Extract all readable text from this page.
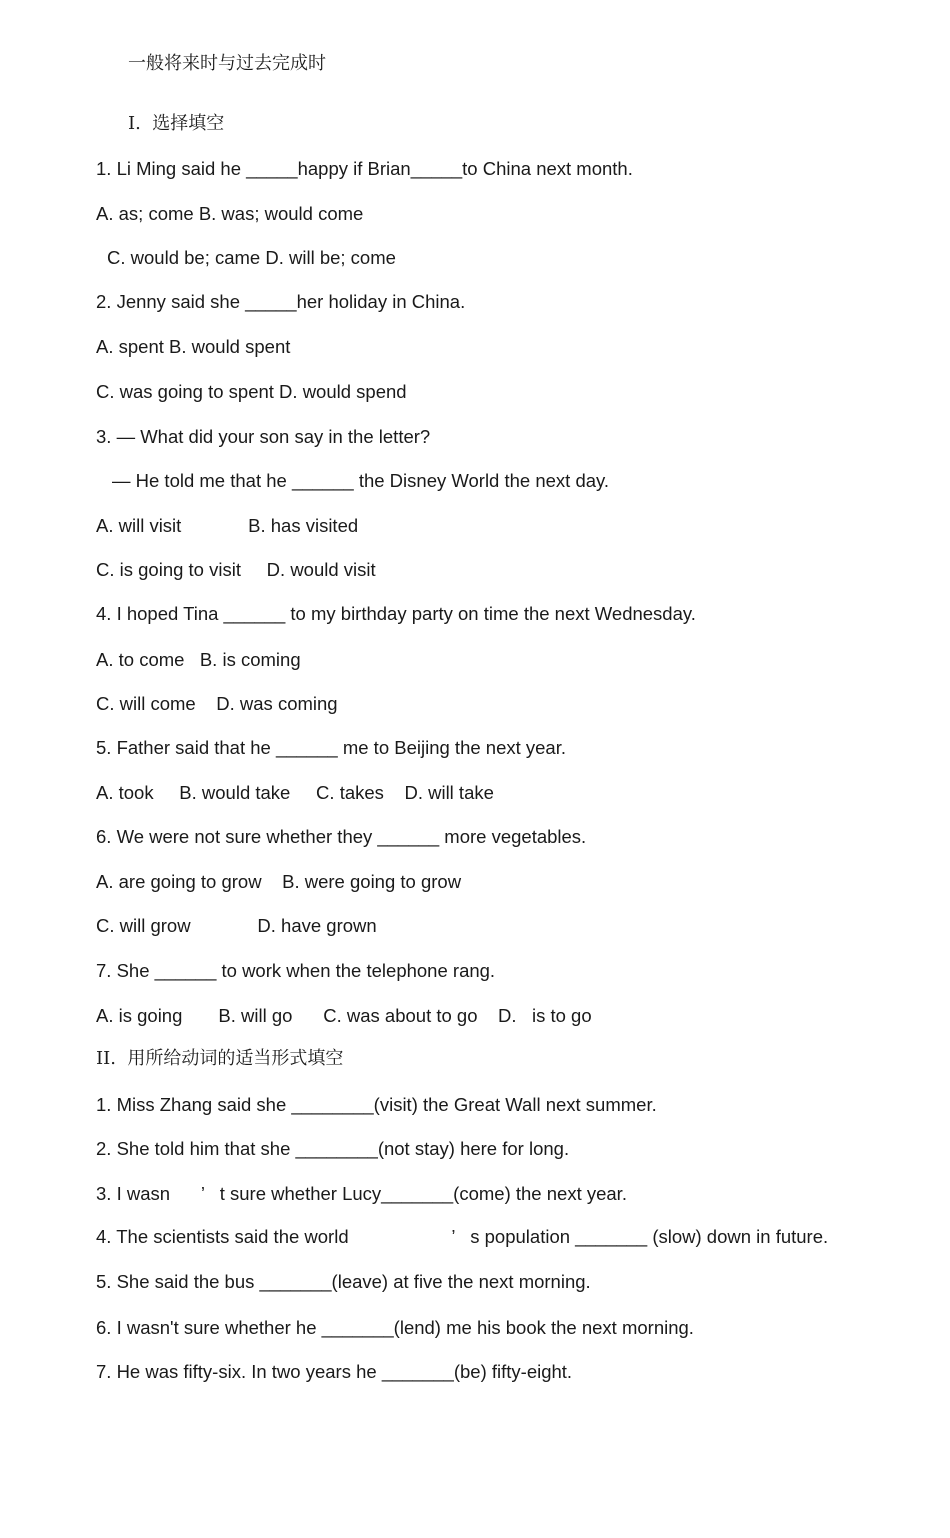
一般将来时与过去完成时

I.  选择填空

1. Li Ming said he _____happy if Brian_____to China next month.

A. as; come B. was; would come

C. would be; came D. will be; come

2. Jenny said she _____her holiday in China.

A. spent B. would spent

C. was going to spent D. would spend

3. — What did your son say in the letter?

— He told me that he ______ the Disney World the next day.

A. will visit             B. has visited

C. is going to visit     D. would visit

4. I hoped Tina ______ to my birthday party on time the next Wednesday.

A. to come   B. is coming

C. will come    D. was coming

5. Father said that he ______ me to Beijing the next year.

A. took     B. would take     C. takes    D. will take

6. We were not sure whether they ______ more vegetables.

A. are going to grow    B. were going to grow

C. will grow             D. have grown

7. She ______ to work when the telephone rang.

A. is going       B. will go      C. was about to go    D.   is to go

II.  用所给动词的适当形式填空

1. Miss Zhang said she ________(visit) the Great Wall next summer.

2. She told him that she ________(not stay) here for long.

3. I wasn      ’   t sure whether Lucy_______(come) the next year.

4. The scientists said the world                    ’   s population _______ (slow) down in future.

5. She said the bus _______(leave) at five the next morning.

6. I wasn't sure whether he _______(lend) me his book the next morning.

7. He was fifty-six. In two years he _______(be) fifty-eight.
